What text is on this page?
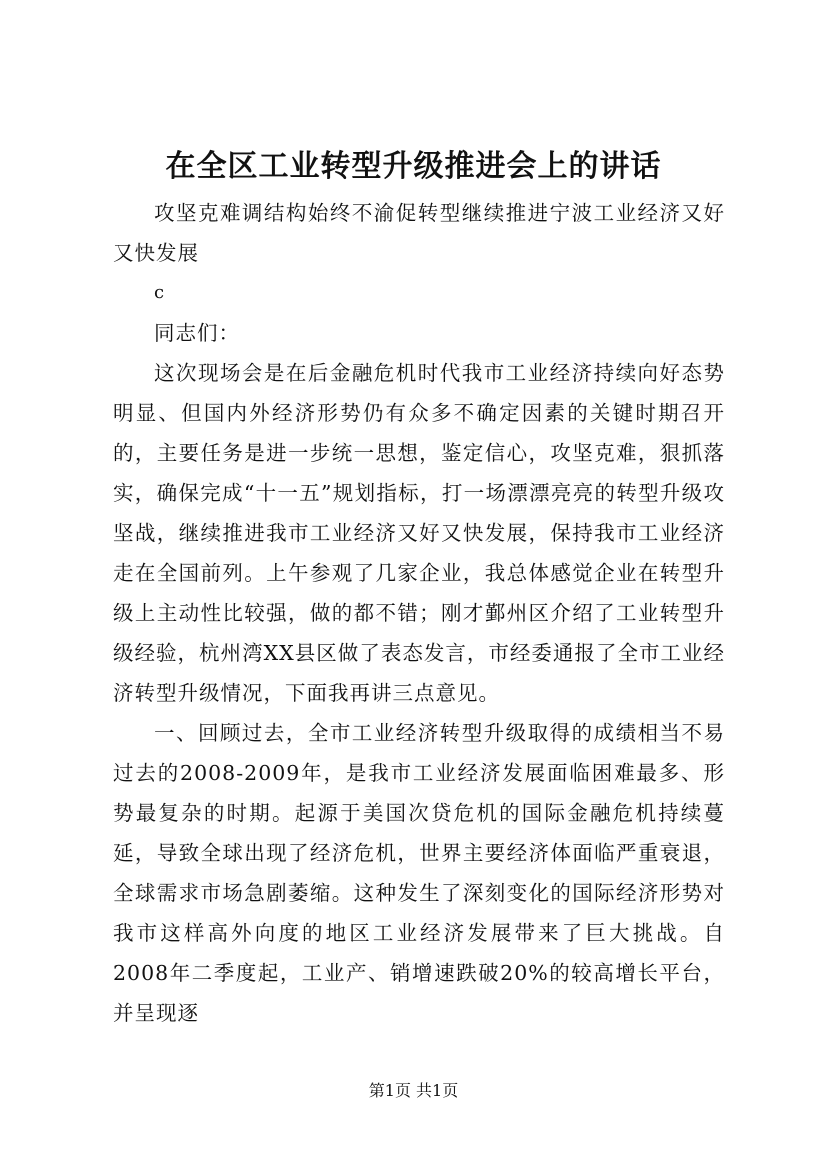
在全区工业转型升级推进会上的讲话

攻坚克难调结构始终不渝促转型继续推进宁波工业经济又好又快发展

c

同志们：

这次现场会是在后金融危机时代我市工业经济持续向好态势明显、但国内外经济形势仍有众多不确定因素的关键时期召开的，主要任务是进一步统一思想，鉴定信心，攻坚克难，狠抓落实，确保完成“十一五”规划指标，打一场漂漂亮亮的转型升级攻坚战，继续推进我市工业经济又好又快发展，保持我市工业经济走在全国前列。上午参观了几家企业，我总体感觉企业在转型升级上主动性比较强，做的都不错；刚才鄞州区介绍了工业转型升级经验，杭州湾XX县区做了表态发言，市经委通报了全市工业经济转型升级情况，下面我再讲三点意见。

一、回顾过去，全市工业经济转型升级取得的成绩相当不易过去的2008-2009年，是我市工业经济发展面临困难最多、形势最复杂的时期。起源于美国次贷危机的国际金融危机持续蔓延，导致全球出现了经济危机，世界主要经济体面临严重衰退，全球需求市场急剧萎缩。这种发生了深刻变化的国际经济形势对我市这样高外向度的地区工业经济发展带来了巨大挑战。自2008年二季度起，工业产、销增速跌破20%的较高增长平台，并呈现逐

第1页 共1页
